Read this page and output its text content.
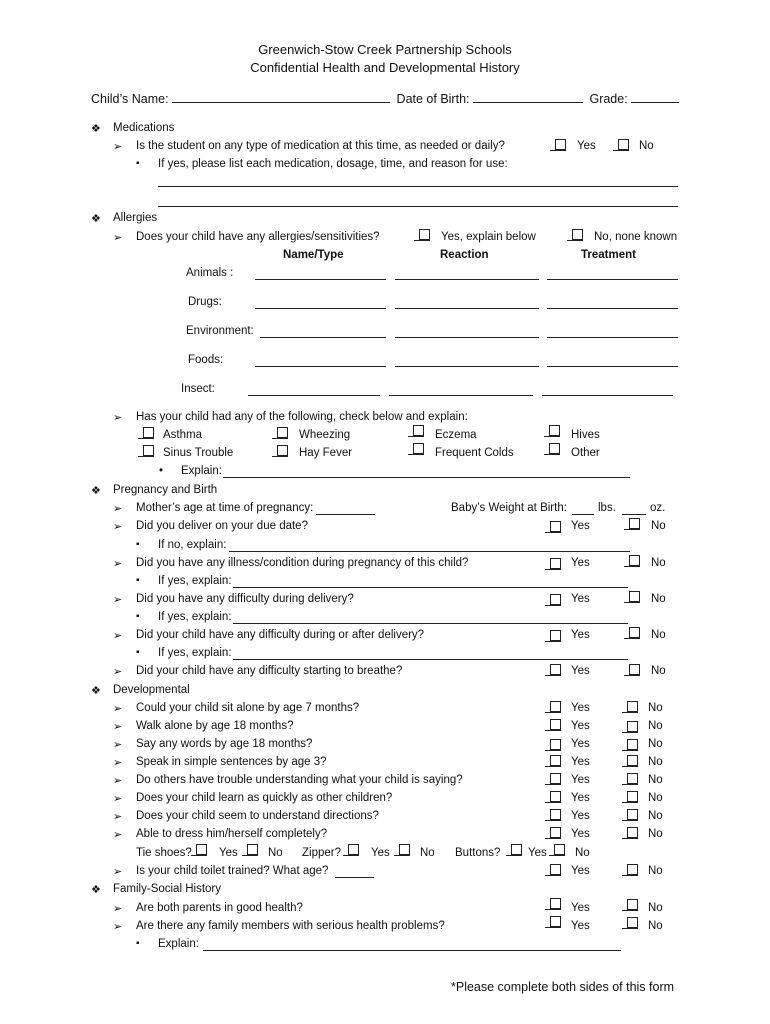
Greenwich-Stow Creek Partnership Schools
Confidential Health and Developmental History
Child’s Name:	Date of Birth:	Grade:
❖ Medications
➢ Is the student on any type of medication at this time, as needed or daily?	Yes	No
▪ If yes, please list each medication, dosage, time, and reason for use:
❖ Allergies
➢ Does your child have any allergies/sensitivities?	Yes, explain below	No, none known
Name/Type	Reaction	Treatment
Animals :
Drugs:
Environment:
Foods:
Insect:
➢ Has your child had any of the following, check below and explain:
Asthma	Wheezing	Eczema	Hives
Sinus Trouble	Hay Fever	Frequent Colds	Other
• Explain:
❖ Pregnancy and Birth
➢ Mother’s age at time of pregnancy:	Baby’s Weight at Birth:	lbs.	oz.
➢ Did you deliver on your due date?	Yes	No
▪ If no, explain:
➢ Did you have any illness/condition during pregnancy of this child?	Yes	No
▪ If yes, explain:
➢ Did you have any difficulty during delivery?	Yes	No
▪ If yes, explain:
➢ Did your child have any difficulty during or after delivery?	Yes	No
▪ If yes, explain:
➢ Did your child have any difficulty starting to breathe?	Yes	No
❖ Developmental
➢ Could your child sit alone by age 7 months?	Yes	No
➢ Walk alone by age 18 months?	Yes	No
➢ Say any words by age 18 months?	Yes	No
➢ Speak in simple sentences by age 3?	Yes	No
➢ Do others have trouble understanding what your child is saying?	Yes	No
➢ Does your child learn as quickly as other children?	Yes	No
➢ Does your child seem to understand directions?	Yes	No
➢ Able to dress him/herself completely?	Yes	No
Tie shoes? Yes	No Zipper?	Yes	No Buttons? Yes No
➢ Is your child toilet trained? What age?	Yes	No
❖ Family-Social History
➢ Are both parents in good health?	Yes	No
➢ Are there any family members with serious health problems?	Yes	No
▪ Explain:
*Please complete both sides of this form
